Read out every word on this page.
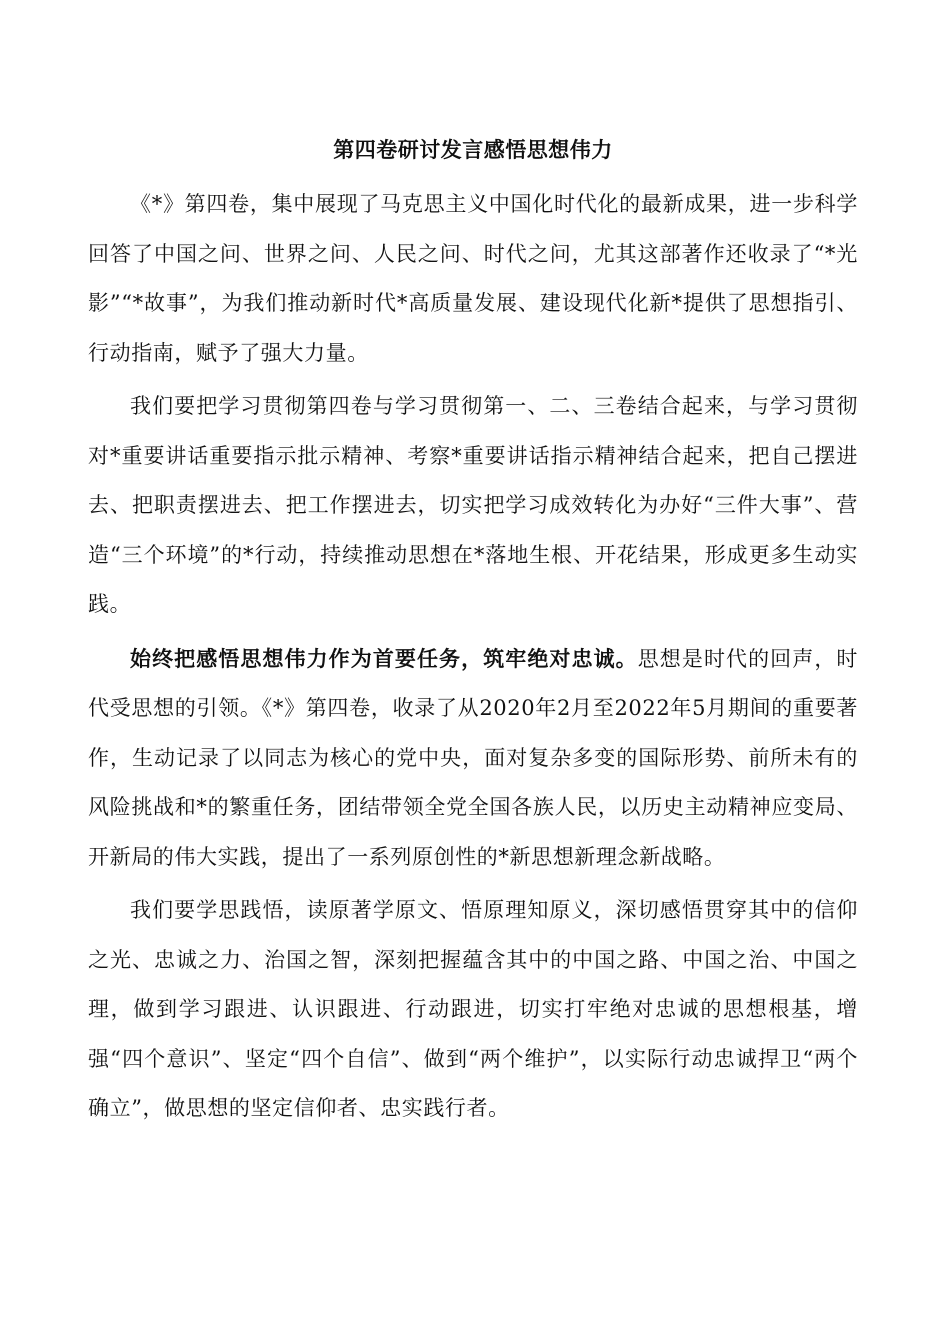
第四卷研讨发言感悟思想伟力

《*》第四卷，集中展现了马克思主义中国化时代化的最新成果，进一步科学回答了中国之问、世界之问、人民之问、时代之问，尤其这部著作还收录了“*光影”“*故事”，为我们推动新时代*高质量发展、建设现代化新*提供了思想指引、行动指南，赋予了强大力量。

我们要把学习贯彻第四卷与学习贯彻第一、二、三卷结合起来，与学习贯彻对*重要讲话重要指示批示精神、考察*重要讲话指示精神结合起来，把自己摆进去、把职责摆进去、把工作摆进去，切实把学习成效转化为办好“三件大事”、营造“三个环境”的*行动，持续推动思想在*落地生根、开花结果，形成更多生动实践。

始终把感悟思想伟力作为首要任务，筑牢绝对忠诚。思想是时代的回声，时代受思想的引领。《*》第四卷，收录了从2020年2月至2022年5月期间的重要著作，生动记录了以同志为核心的党中央，面对复杂多变的国际形势、前所未有的风险挑战和*的繁重任务，团结带领全党全国各族人民，以历史主动精神应变局、开新局的伟大实践，提出了一系列原创性的*新思想新理念新战略。

我们要学思践悟，读原著学原文、悟原理知原义，深切感悟贯穿其中的信仰之光、忠诚之力、治国之智，深刻把握蕴含其中的中国之路、中国之治、中国之理，做到学习跟进、认识跟进、行动跟进，切实打牢绝对忠诚的思想根基，增强“四个意识”、坚定“四个自信”、做到“两个维护”，以实际行动忠诚捍卫“两个确立”，做思想的坚定信仰者、忠实践行者。
